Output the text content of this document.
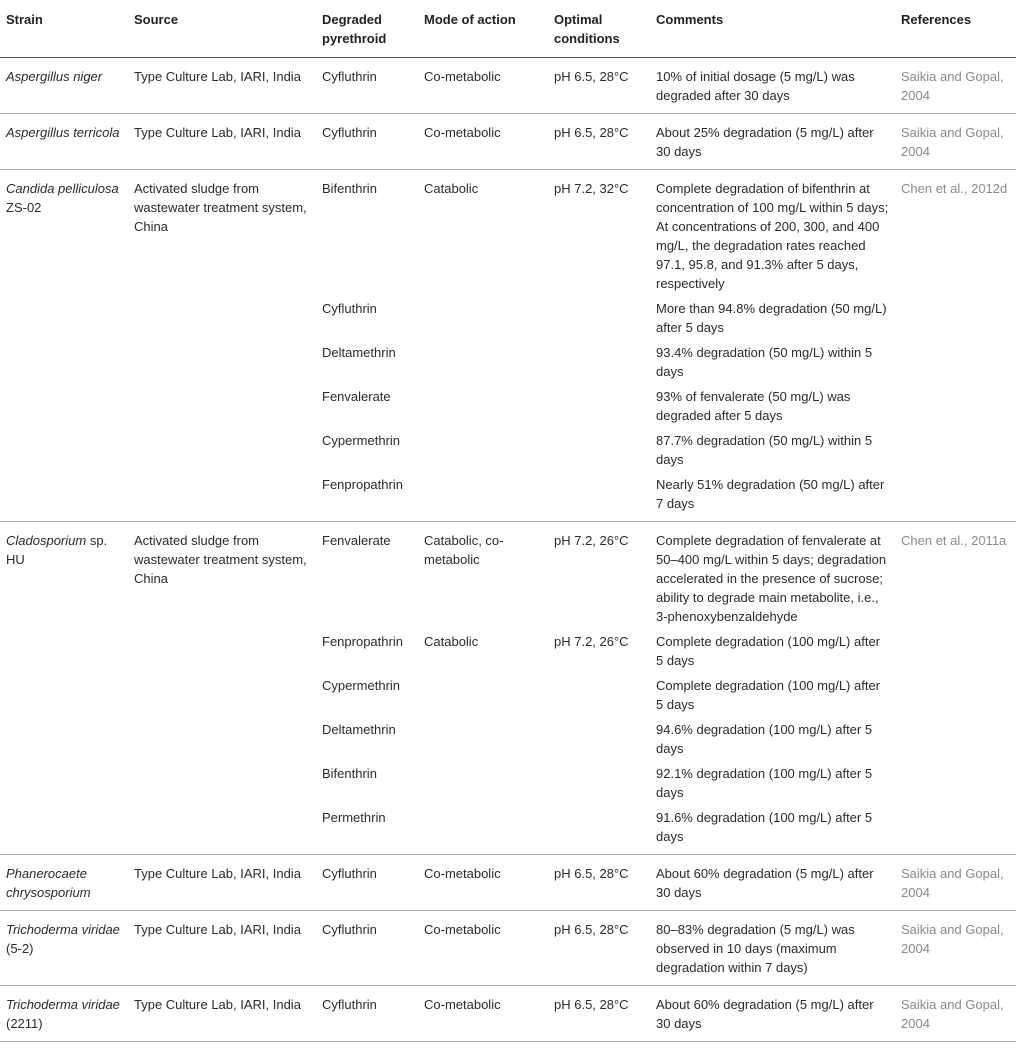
Strain	Source	Degraded pyrethroid	Mode of action	Optimal conditions	Comments	References
Aspergillus niger	Type Culture Lab, IARI, India	Cyfluthrin	Co-metabolic	pH 6.5, 28°C	10% of initial dosage (5 mg/L) was degraded after 30 days	Saikia and Gopal, 2004
Aspergillus terricola	Type Culture Lab, IARI, India	Cyfluthrin	Co-metabolic	pH 6.5, 28°C	About 25% degradation (5 mg/L) after 30 days	Saikia and Gopal, 2004
Candida pelliculosa ZS-02	Activated sludge from wastewater treatment system, China	Bifenthrin	Catabolic	pH 7.2, 32°C	Complete degradation of bifenthrin at concentration of 100 mg/L within 5 days; At concentrations of 200, 300, and 400 mg/L, the degradation rates reached 97.1, 95.8, and 91.3% after 5 days, respectively	Chen et al., 2012d
		Cyfluthrin			More than 94.8% degradation (50 mg/L) after 5 days	
		Deltamethrin			93.4% degradation (50 mg/L) within 5 days	
		Fenvalerate			93% of fenvalerate (50 mg/L) was degraded after 5 days	
		Cypermethrin			87.7% degradation (50 mg/L) within 5 days	
		Fenpropathrin			Nearly 51% degradation (50 mg/L) after 7 days	
Cladosporium sp. HU	Activated sludge from wastewater treatment system, China	Fenvalerate	Catabolic, co-metabolic	pH 7.2, 26°C	Complete degradation of fenvalerate at 50–400 mg/L within 5 days; degradation accelerated in the presence of sucrose; ability to degrade main metabolite, i.e., 3-phenoxybenzaldehyde	Chen et al., 2011a
		Fenpropathrin	Catabolic	pH 7.2, 26°C	Complete degradation (100 mg/L) after 5 days	
		Cypermethrin			Complete degradation (100 mg/L) after 5 days	
		Deltamethrin			94.6% degradation (100 mg/L) after 5 days	
		Bifenthrin			92.1% degradation (100 mg/L) after 5 days	
		Permethrin			91.6% degradation (100 mg/L) after 5 days	
Phanerocaete chrysosporium	Type Culture Lab, IARI, India	Cyfluthrin	Co-metabolic	pH 6.5, 28°C	About 60% degradation (5 mg/L) after 30 days	Saikia and Gopal, 2004
Trichoderma viridae (5-2)	Type Culture Lab, IARI, India	Cyfluthrin	Co-metabolic	pH 6.5, 28°C	80–83% degradation (5 mg/L) was observed in 10 days (maximum degradation within 7 days)	Saikia and Gopal, 2004
Trichoderma viridae (2211)	Type Culture Lab, IARI, India	Cyfluthrin	Co-metabolic	pH 6.5, 28°C	About 60% degradation (5 mg/L) after 30 days	Saikia and Gopal, 2004
